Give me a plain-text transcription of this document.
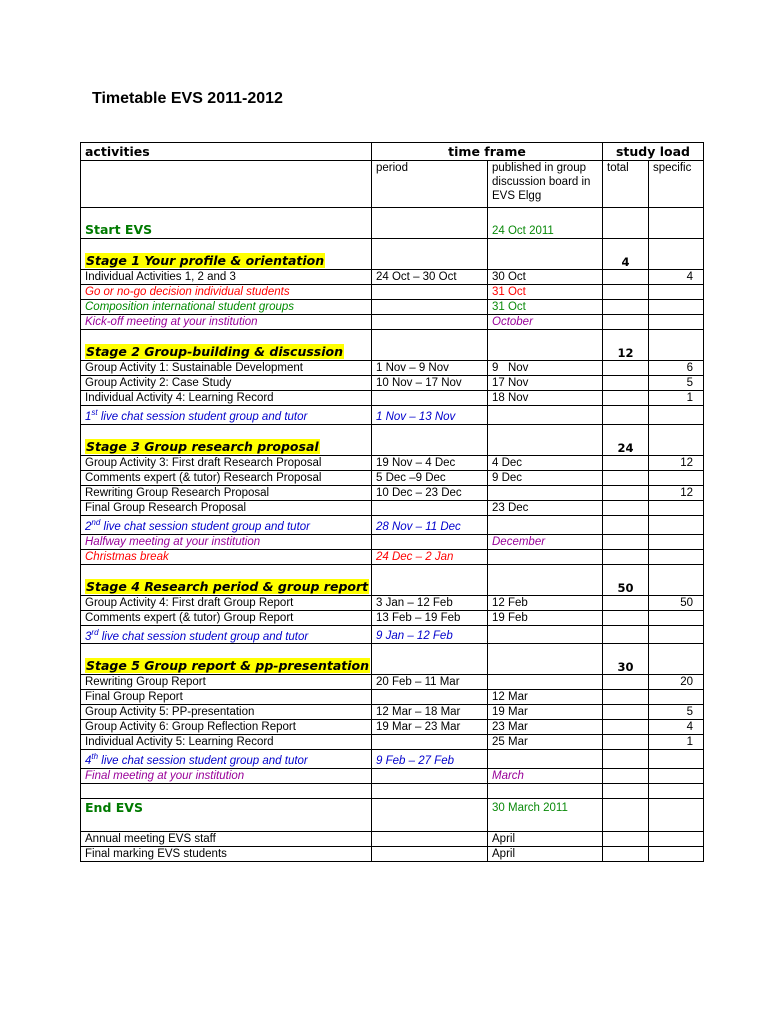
Timetable EVS 2011-2012
activities	time frame		study load	
	period	published in group discussion board in EVS Elgg	total	specific
Start EVS		24 Oct 2011		
Stage 1 Your profile & orientation			4	
Individual Activities 1, 2 and 3	24 Oct – 30 Oct	30 Oct		4
Go or no-go decision individual students		31 Oct		
Composition international student groups		31 Oct		
Kick-off meeting at your institution		October		
Stage 2 Group-building & discussion			12	
Group Activity 1: Sustainable Development	1 Nov – 9 Nov	9   Nov		6
Group Activity 2: Case Study	10 Nov – 17 Nov	17 Nov		5
Individual Activity 4: Learning Record		18 Nov		1
1st live chat session student group and tutor	1 Nov – 13 Nov			
Stage 3 Group research proposal			24	
Group Activity 3: First draft Research Proposal	19 Nov – 4 Dec	4 Dec		12
Comments expert (& tutor) Research Proposal	5 Dec –9 Dec	9 Dec		
Rewriting Group Research Proposal	10 Dec – 23 Dec			12
Final Group Research Proposal		23 Dec		
2nd live chat session student group and tutor	28 Nov – 11 Dec			
Halfway meeting at your institution		December		
Christmas break	24 Dec – 2 Jan			
Stage 4 Research period & group report			50	
Group Activity 4: First draft Group Report	3 Jan – 12 Feb	12 Feb		50
Comments expert (& tutor) Group Report	13 Feb – 19 Feb	19 Feb		
3rd live chat session student group and tutor	9 Jan – 12 Feb			
Stage 5 Group report & pp-presentation			30	
Rewriting Group Report	20 Feb – 11 Mar			20
Final Group Report		12 Mar		
Group Activity 5: PP-presentation	12 Mar – 18 Mar	19 Mar		5
Group Activity 6: Group Reflection Report	19 Mar – 23 Mar	23 Mar		4
Individual Activity 5: Learning Record		25 Mar		1
4th live chat session student group and tutor	9 Feb – 27 Feb			
Final meeting at your institution		March		

End EVS		30 March 2011		
Annual meeting EVS staff		April		
Final marking EVS students		April		
